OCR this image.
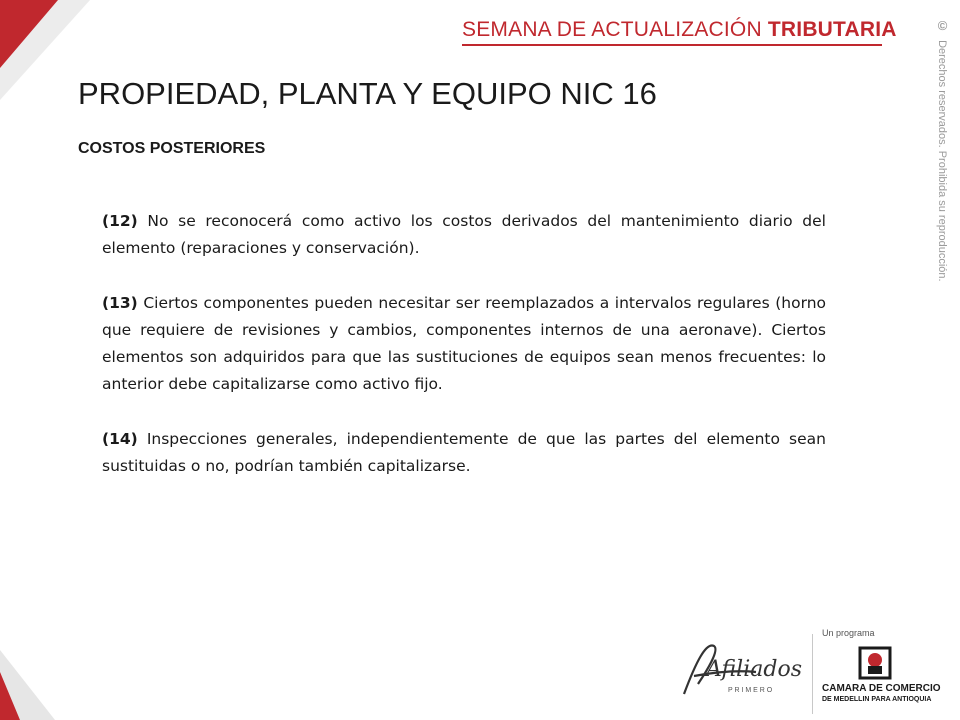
SEMANA DE ACTUALIZACIÓN TRIBUTARIA	© Derechos reservados. Prohibida su reproducción.
PROPIEDAD, PLANTA Y EQUIPO NIC 16
COSTOS POSTERIORES

(12) No se reconocerá como activo los costos derivados del mantenimiento diario del elemento (reparaciones y conservación).

(13) Ciertos componentes pueden necesitar ser reemplazados a intervalos regulares (horno que requiere de revisiones y cambios, componentes internos de una aeronave). Ciertos elementos son adquiridos para que las sustituciones de equipos sean menos frecuentes: lo anterior debe capitalizarse como activo fijo.

(14) Inspecciones generales, independientemente de que las partes del elemento sean sustituidas o no, podrían también capitalizarse.

Afiliados
P R I M E R O
Un programa
CAMARA DE COMERCIO
DE MEDELLIN PARA ANTIOQUIA
